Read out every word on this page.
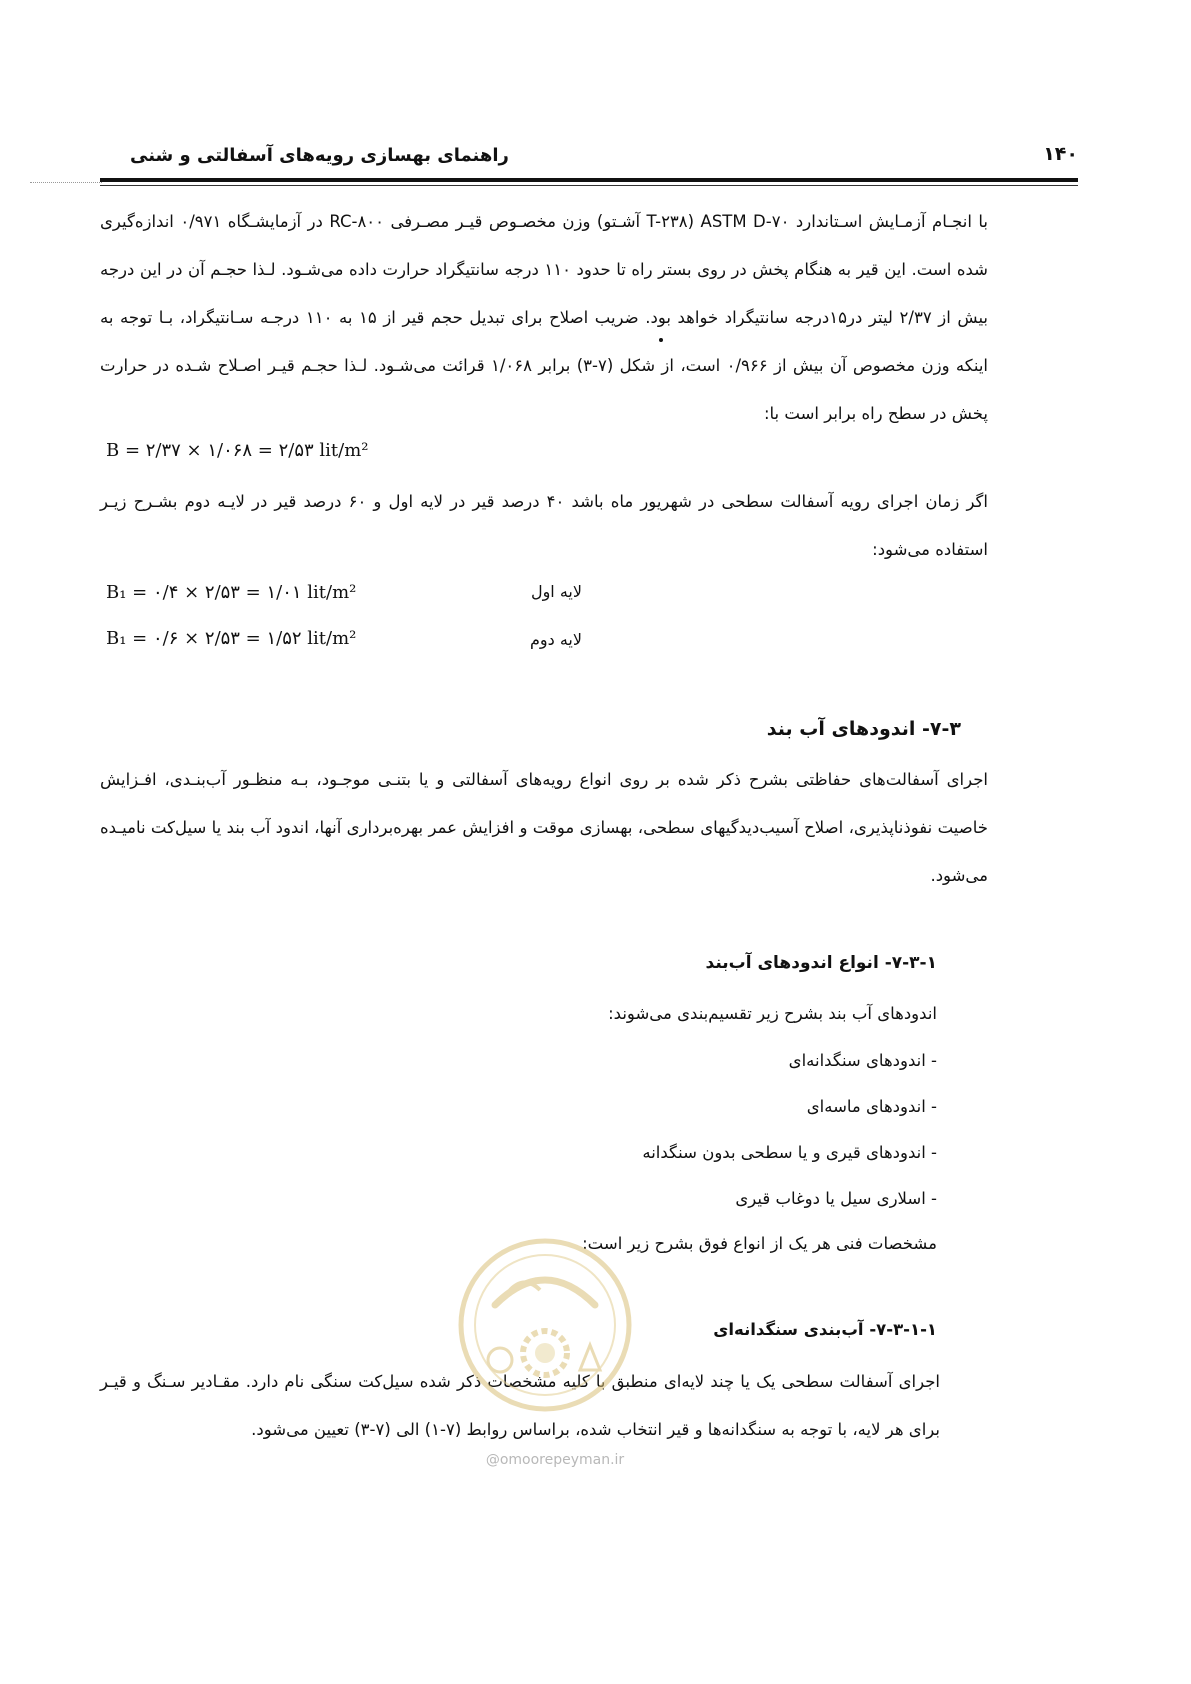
۱۴۰
راهنمای بهسازی رویه‌های آسفالتی و شنی

با انجـام آزمـایش اسـتاندارد ASTM D-۷۰ (T-۲۳۸ آشـتو) وزن مخصـوص قیـر مصـرفی RC-۸۰۰ در آزمایشـگاه ۰/۹۷۱ اندازه‌گیری شده است. این قیر به هنگام پخش در روی بستر راه تا حدود ۱۱۰ درجه سانتیگراد حرارت داده می‌شـود. لـذا حجـم آن در این درجه بیش از ۲/۳۷ لیتر در۱۵درجه سانتیگراد خواهد بود. ضریب اصلاح برای تبدیل حجم قیر از ۱۵ به ۱۱۰ درجـه سـانتیگراد، بـا توجه به اینکه وزن مخصوص آن بیش از ۰/۹۶۶ است، از شکل (۷-۳) برابر ۱/۰۶۸ قرائت می‌شـود. لـذا حجـم قیـر اصـلاح شـده در حرارت پخش در سطح راه برابر است با:

B = ۲/۳۷ × ۱/۰۶۸ = ۲/۵۳ lit/m²

اگر زمان اجرای رویه آسفالت سطحی در شهریور ماه باشد ۴۰ درصد قیر در لایه اول و ۶۰ درصد قیر در لایـه دوم بشـرح زیـر استفاده می‌شود:

B₁ = ۰/۴ × ۲/۵۳ = ۱/۰۱ lit/m²	لایه اول
B₁ = ۰/۶ × ۲/۵۳ = ۱/۵۲ lit/m²	لایه دوم
۷-۳- اندودهای آب بند

اجرای آسفالت‌های حفاظتی بشرح ذکر شده بر روی انواع رویه‌های آسفالتی و یا بتنـی موجـود، بـه منظـور آب‌بنـدی، افـزایش خاصیت نفوذناپذیری، اصلاح آسیب‌دیدگیهای سطحی، بهسازی موقت و افزایش عمر بهره‌برداری آنها، اندود آب بند یا سیل‌کت نامیـده می‌شود.

۷-۳-۱- انواع اندودهای آب‌بند
اندودهای آب بند بشرح زیر تقسیم‌بندی می‌شوند:
- اندودهای سنگدانه‌ای
- اندودهای ماسه‌ای
- اندودهای قیری و یا سطحی بدون سنگدانه
- اسلاری سیل یا دوغاب قیری
مشخصات فنی هر یک از انواع فوق بشرح زیر است:
۷-۳-۱-۱- آب‌بندی سنگدانه‌ای

اجرای آسفالت سطحی یک یا چند لایه‌ای منطبق با کلیه مشخصات ذکر شده سیل‌کت سنگی نام دارد. مقـادیر سـنگ و قیـر برای هر لایه، با توجه به سنگدانه‌ها و قیر انتخاب شده، براساس روابط (۷-۱) الی (۷-۳) تعیین می‌شود.

@omoorepeyman.ir
